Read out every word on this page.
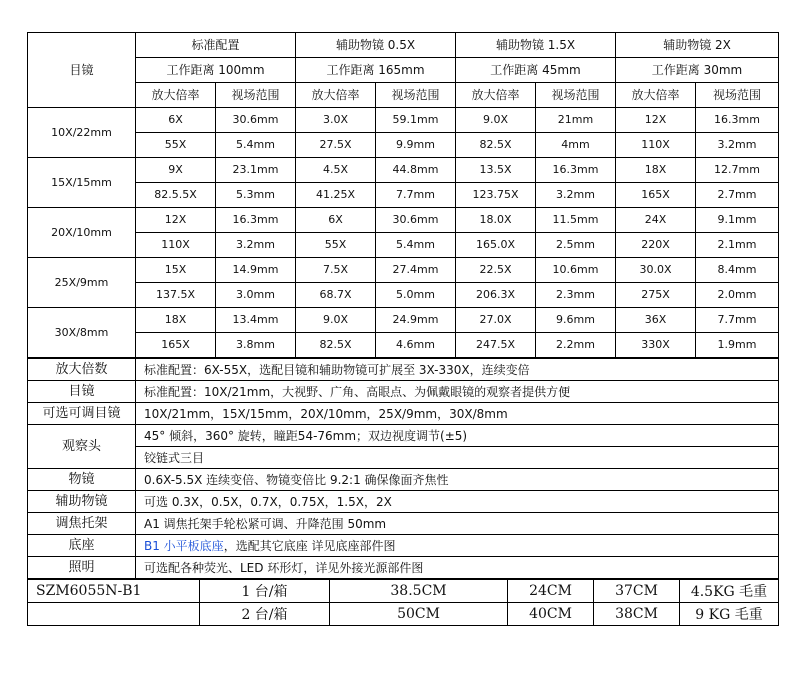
目镜	标准配置		辅助物镜 0.5X		辅助物镜 1.5X		辅助物镜 2X	
	工作距离 100mm		工作距离 165mm		工作距离 45mm		工作距离 30mm	
	放大倍率	视场范围	放大倍率	视场范围	放大倍率	视场范围	放大倍率	视场范围
10X/22mm	6X	30.6mm	3.0X	59.1mm	9.0X	21mm	12X	16.3mm
	55X	5.4mm	27.5X	9.9mm	82.5X	4mm	110X	3.2mm
15X/15mm	9X	23.1mm	4.5X	44.8mm	13.5X	16.3mm	18X	12.7mm
	82.5.5X	5.3mm	41.25X	7.7mm	123.75X	3.2mm	165X	2.7mm
20X/10mm	12X	16.3mm	6X	30.6mm	18.0X	11.5mm	24X	9.1mm
	110X	3.2mm	55X	5.4mm	165.0X	2.5mm	220X	2.1mm
25X/9mm	15X	14.9mm	7.5X	27.4mm	22.5X	10.6mm	30.0X	8.4mm
	137.5X	3.0mm	68.7X	5.0mm	206.3X	2.3mm	275X	2.0mm
30X/8mm	18X	13.4mm	9.0X	24.9mm	27.0X	9.6mm	36X	7.7mm
	165X	3.8mm	82.5X	4.6mm	247.5X	2.2mm	330X	1.9mm
放大倍数	标准配置：6X-55X，选配目镜和辅助物镜可扩展至 3X-330X，连续变倍
目镜	标准配置：10X/21mm，大视野、广角、高眼点、为佩戴眼镜的观察者提供方便
可选可调目镜	10X/21mm，15X/15mm，20X/10mm，25X/9mm，30X/8mm
观察头	45° 倾斜，360° 旋转，瞳距54-76mm；双边视度调节(±5)
	铰链式三目
物镜	0.6X-5.5X 连续变倍、物镜变倍比 9.2:1 确保像面齐焦性
辅助物镜	可选 0.3X，0.5X，0.7X，0.75X，1.5X，2X
调焦托架	A1 调焦托架手轮松紧可调、升降范围 50mm
底座	B1 小平板底座，选配其它底座 详见底座部件图
照明	可选配各种荧光、LED 环形灯，详见外接光源部件图
SZM6055N-B1	1 台/箱	38.5CM	24CM	37CM	4.5KG 毛重
	2 台/箱	50CM	40CM	38CM	9 KG 毛重
